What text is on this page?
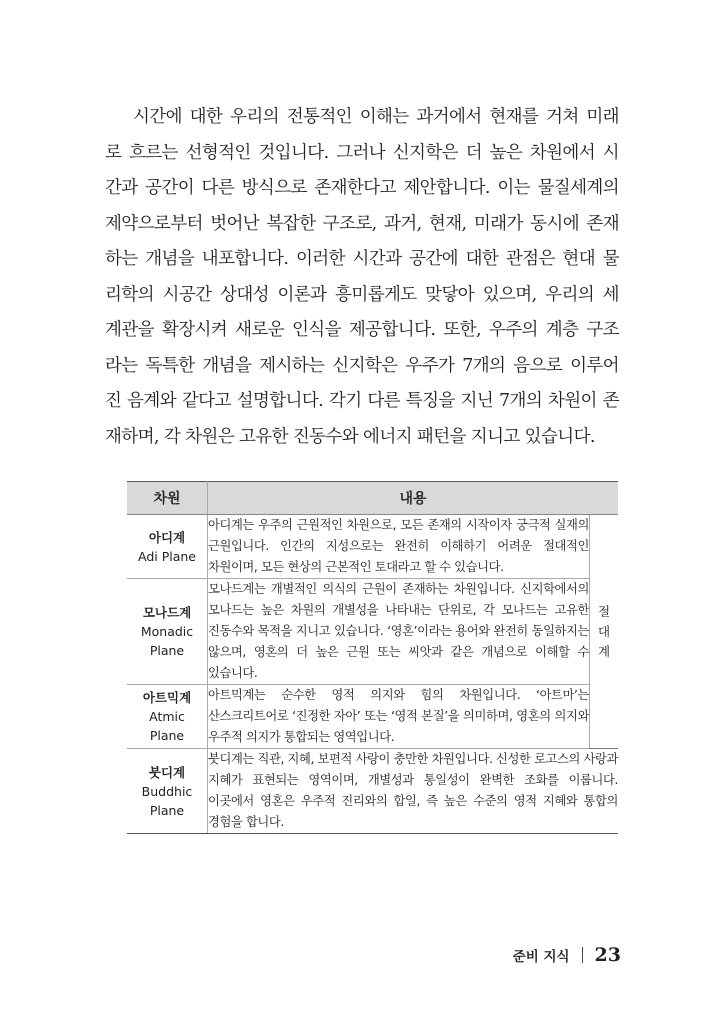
시간에 대한 우리의 전통적인 이해는 과거에서 현재를 거쳐 미래
로 흐르는 선형적인 것입니다. 그러나 신지학은 더 높은 차원에서 시
간과 공간이 다른 방식으로 존재한다고 제안합니다. 이는 물질세계의
제약으로부터 벗어난 복잡한 구조로, 과거, 현재, 미래가 동시에 존재
하는 개념을 내포합니다. 이러한 시간과 공간에 대한 관점은 현대 물
리학의 시공간 상대성 이론과 흥미롭게도 맞닿아 있으며, 우리의 세
계관을 확장시켜 새로운 인식을 제공합니다. 또한, 우주의 계층 구조
라는 독특한 개념을 제시하는 신지학은 우주가 7개의 음으로 이루어
진 음계와 같다고 설명합니다. 각기 다른 특징을 지닌 7개의 차원이 존
재하며, 각 차원은 고유한 진동수와 에너지 패턴을 지니고 있습니다.
차원	내용	

아디계
Adi Plane	아디계는 우주의 근원적인 차원으로, 모든 존재의 시작이자 궁극적 실재의 근원입니다. 인간의 지성으로는 완전히 이해하기 어려운 절대적인 차원이며, 모든 현상의 근본적인 토대라고 할 수 있습니다.	절대계

모나드계
Monadic
Plane	모나드계는 개별적인 의식의 근원이 존재하는 차원입니다. 신지학에서의 모나드는 높은 차원의 개별성을 나타내는 단위로, 각 모나드는 고유한 진동수와 목적을 지니고 있습니다. ‘영혼’이라는 용어와 완전히 동일하지는 않으며, 영혼의 더 높은 근원 또는 씨앗과 같은 개념으로 이해할 수 있습니다.	

아트믹계
Atmic
Plane	아트믹계는 순수한 영적 의지와 힘의 차원입니다. ‘아트마’는 산스크리트어로 ‘진정한 자아’ 또는 ‘영적 본질’을 의미하며, 영혼의 의지와 우주적 의지가 통합되는 영역입니다.	

붓디계
Buddhic
Plane	붓디계는 직관, 지혜, 보편적 사랑이 충만한 차원입니다. 신성한 로고스의 사랑과 지혜가 표현되는 영역이며, 개별성과 통일성이 완벽한 조화를 이룹니다. 이곳에서 영혼은 우주적 진리와의 합일, 즉 높은 수준의 영적 지혜와 통합의 경험을 합니다.	
준비 지식 23
